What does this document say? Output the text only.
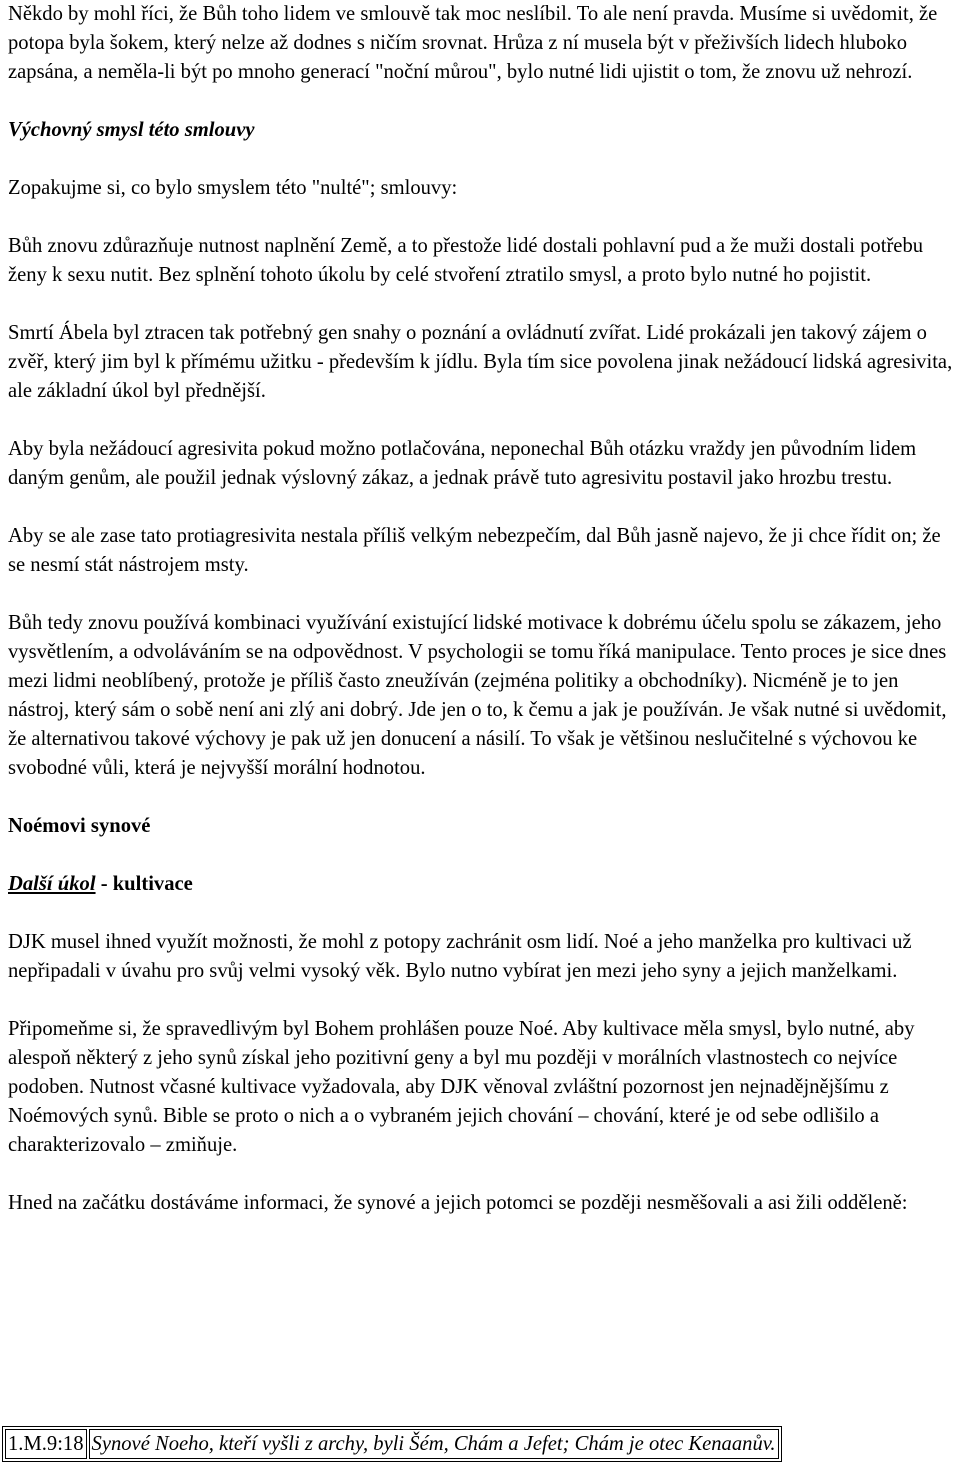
Někdo by mohl říci, že Bůh toho lidem ve smlouvě tak moc neslíbil. To ale není pravda. Musíme si uvědomit, že potopa byla šokem, který nelze až dodnes s ničím srovnat. Hrůza z ní musela být v přeživších lidech hluboko zapsána, a neměla-li být po mnoho generací "noční můrou", bylo nutné lidi ujistit o tom, že znovu už nehrozí.

Výchovný smysl této smlouvy

Zopakujme si, co bylo smyslem této "nulté"; smlouvy:

Bůh znovu zdůrazňuje nutnost naplnění Země, a to přestože lidé dostali pohlavní pud a že muži dostali potřebu ženy k sexu nutit. Bez splnění tohoto úkolu by celé stvoření ztratilo smysl, a proto bylo nutné ho pojistit.

Smrtí Ábela byl ztracen tak potřebný gen snahy o poznání a ovládnutí zvířat. Lidé prokázali jen takový zájem o zvěř, který jim byl k přímému užitku - především k jídlu. Byla tím sice povolena jinak nežádoucí lidská agresivita, ale základní úkol byl přednější.

Aby byla nežádoucí agresivita pokud možno potlačována, neponechal Bůh otázku vraždy jen původním lidem daným genům, ale použil jednak výslovný zákaz, a jednak právě tuto agresivitu postavil jako hrozbu trestu.

Aby se ale zase tato protiagresivita nestala příliš velkým nebezpečím, dal Bůh jasně najevo, že ji chce řídit on; že se nesmí stát nástrojem msty.

Bůh tedy znovu používá kombinaci využívání existující lidské motivace k dobrému účelu spolu se zákazem, jeho vysvětlením, a odvoláváním se na odpovědnost. V psychologii se tomu říká manipulace. Tento proces je sice dnes mezi lidmi neoblíbený, protože je příliš často zneužíván (zejména politiky a obchodníky). Nicméně je to jen nástroj, který sám o sobě není ani zlý ani dobrý. Jde jen o to, k čemu a jak je používán. Je však nutné si uvědomit, že alternativou takové výchovy je pak už jen donucení a násilí. To však je většinou neslučitelné s výchovou ke svobodné vůli, která je nejvyšší morální hodnotou.

Noémovi synové

Další úkol - kultivace

DJK musel ihned využít možnosti, že mohl z potopy zachránit osm lidí. Noé a jeho manželka pro kultivaci už nepřipadali v úvahu pro svůj velmi vysoký věk. Bylo nutno vybírat jen mezi jeho syny a jejich manželkami.

Připomeňme si, že spravedlivým byl Bohem prohlášen pouze Noé. Aby kultivace měla smysl, bylo nutné, aby alespoň některý z jeho synů získal jeho pozitivní geny a byl mu později v morálních vlastnostech co nejvíce podoben. Nutnost včasné kultivace vyžadovala, aby DJK věnoval zvláštní pozornost jen nejnadějnějšímu z Noémových synů. Bible se proto o nich a o vybraném jejich chování – chování, které je od sebe odlišilo a charakterizovalo – zmiňuje.

Hned na začátku dostáváme informaci, že synové a jejich potomci se později nesměšovali a asi žili odděleně:

1.M.9:18	Synové Noeho, kteří vyšli z archy, byli Šém, Chám a Jefet; Chám je otec Kenaanův.
